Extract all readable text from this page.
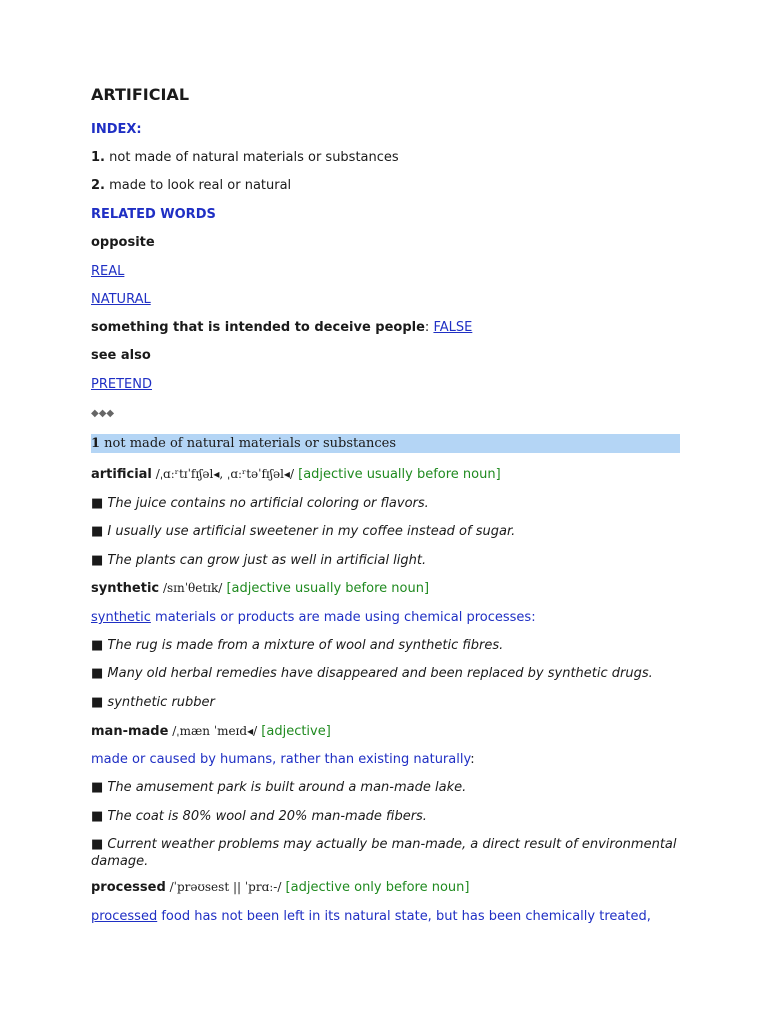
ARTIFICIAL
INDEX:
1. not made of natural materials or substances
2. made to look real or natural
RELATED WORDS
opposite
REAL
NATURAL
something that is intended to deceive people: FALSE
see also
PRETEND
◆◆◆
1 not made of natural materials or substances
artificial /ˌɑːʳtɪˈfɪʃəl◂, ˌɑːʳtəˈfɪʃəl◂/ [adjective usually before noun]
■ The juice contains no artificial coloring or flavors.
■ I usually use artificial sweetener in my coffee instead of sugar.
■ The plants can grow just as well in artificial light.
synthetic /sɪnˈθetɪk/ [adjective usually before noun]
synthetic materials or products are made using chemical processes:
■ The rug is made from a mixture of wool and synthetic fibres.
■ Many old herbal remedies have disappeared and been replaced by synthetic drugs.
■ synthetic rubber
man-made /ˌmæn ˈmeɪd◂/ [adjective]
made or caused by humans, rather than existing naturally:
■ The amusement park is built around a man-made lake.
■ The coat is 80% wool and 20% man-made fibers.
■ Current weather problems may actually be man-made, a direct result of environmental damage.
processed /ˈprəʊsest || ˈprɑː-/ [adjective only before noun]
processed food has not been left in its natural state, but has been chemically treated,
